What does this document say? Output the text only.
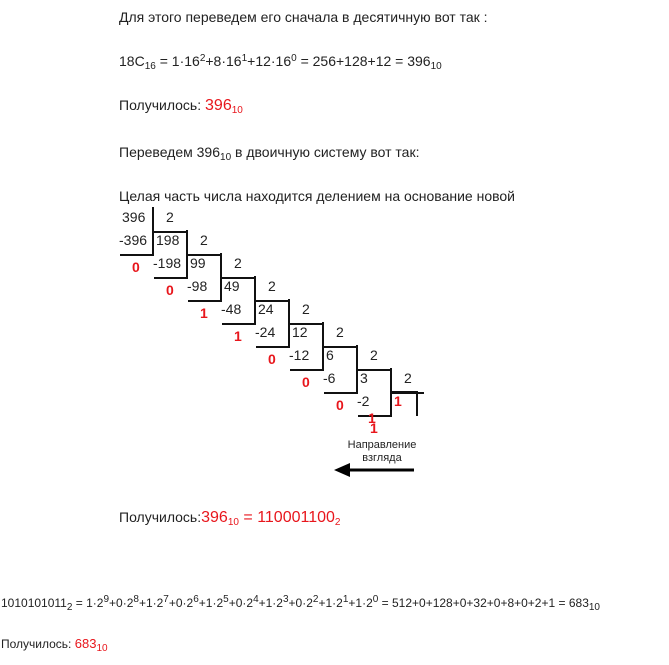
Для этого переведем его сначала в десятичную вот так :
$18C_{16} = 1\cdot 16^2+8\cdot 16^1+12\cdot 16^0 = 256+128+12 = 396_{10}$
Получилось: $396_{10}$
Переведем $396_{10}$ в двоичную систему вот так:
Целая часть числа находится делением на основание новой
396 2
-396
0
198 2
-198
0
99 2
-98
1
49 2
-48
1
24 2
-24
0
12 2
-12
0
6	2
-6
0
3	2
-2
1
1
1
Направление
взгляда
$Получилось:396_{10} = 110001100_2$
$1010101011_2 = 1\cdot 2^9+0\cdot 2^8+1\cdot 2^7+0\cdot 2^6+1\cdot 2^5+0\cdot 2^4+1\cdot 2^3+0\cdot 2^2+1\cdot 2^1+1\cdot 2^0 = 512+0+128+0+32+0+8+0+2+1 = 683_{10}$
Получилось: $683_{10}$
